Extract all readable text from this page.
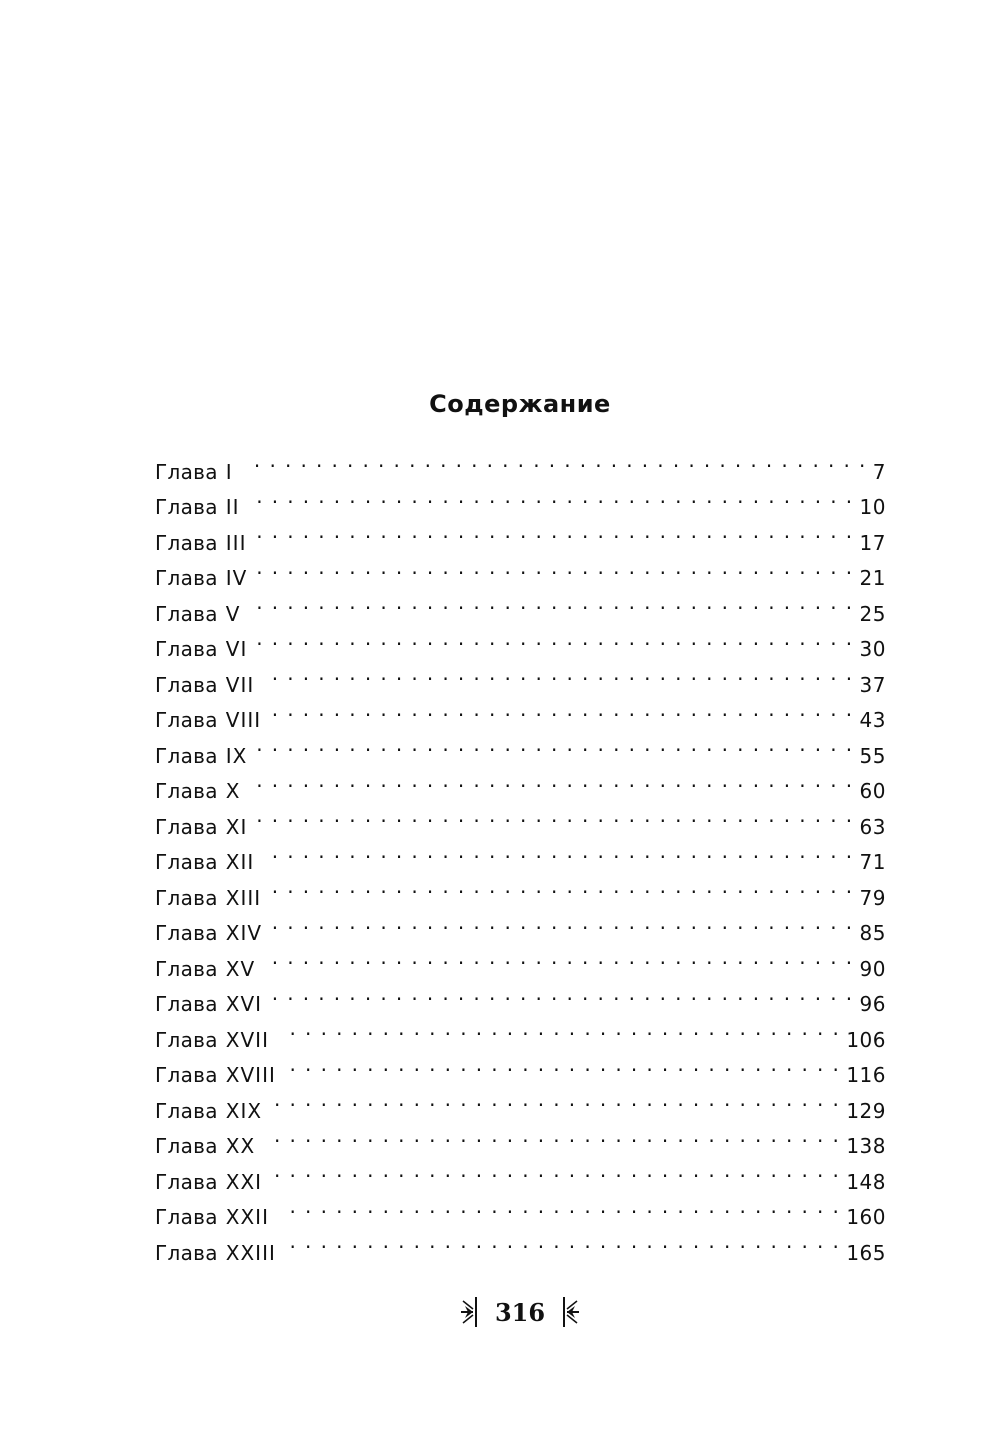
Содержание
Глава I . . .	7
Глава II . . .	10
Глава III . . .	17
Глава IV . . .	21
Глава V . . .	25
Глава VI . . .	30
Глава VII . . .	37
Глава VIII . . .	43
Глава IX . . .	55
Глава X . . .	60
Глава XI . . .	63
Глава XII . . .	71
Глава XIII . . .	79
Глава XIV . . .	85
Глава XV . . .	90
Глава XVI . . .	96
Глава XVII . . .	106
Глава XVIII . . .	116
Глава XIX . . .	129
Глава XX . . .	138
Глава XXI . . .	148
Глава XXII . . .	160
Глава XXIII . . .	165
316
